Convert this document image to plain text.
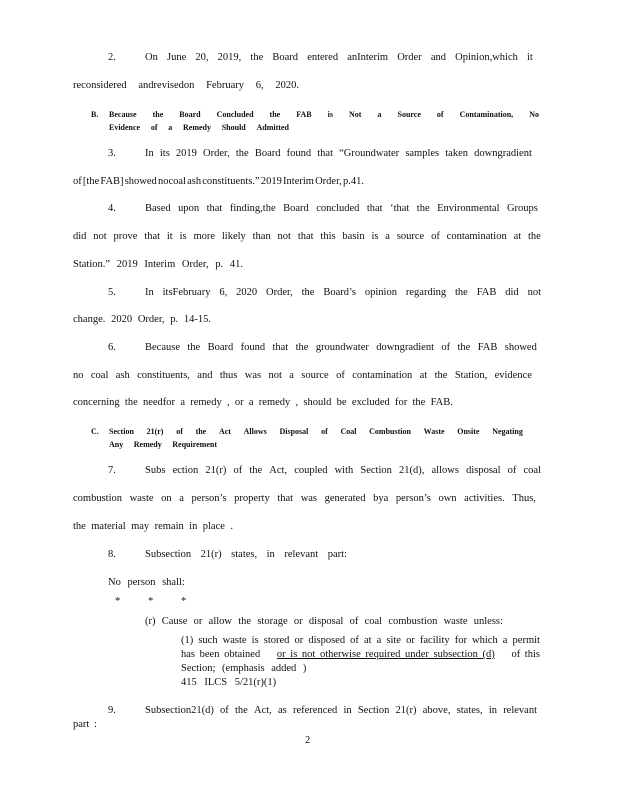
2.	On June 20, 2019, the Board entered anInterim Order and Opinion,which it
reconsidered andrevisedon February 6, 2020.
B. Because the Board Concluded the FAB is Not a Source of Contamination, No
Evidence of a Remedy Should Admitted
3.	In its 2019 Order, the Board found that “Groundwater samples taken downgradient
of [the FAB] showed nocoal ash constituents.” 2019 Interim Order, p.41.
4.	Based upon that finding,the Board concluded that ‘that the Environmental Groups
did not prove that it is more likely than not that this basin is a source of contamination at the
Station.” 2019 Interim Order, p. 41.
5.	In itsFebruary 6, 2020 Order, the Board’s opinion regarding the FAB did not
change. 2020 Order, p. 14-15.
6.	Because the Board found that the groundwater downgradient of the FAB showed
no coal ash constituents, and thus was not a source of contamination at the Station, evidence
concerning the needfor a remedy , or a remedy , should be excluded for the FAB.
C. Section 21(r) of the Act Allows Disposal of Coal Combustion Waste Onsite Negating
Any Remedy Requirement
7.	Subs ection 21(r) of the Act, coupled with Section 21(d), allows disposal of coal
combustion waste on a person’s property that was generated bya person’s own activities. Thus,
the material may remain in place .
8.	Subsection 21(r) states, in relevant part:
No person shall:
*	*	*
(r) Cause or allow the storage or disposal of coal combustion waste unless:
(1) such waste is stored or disposed of at a site or facility for which a permit
has been obtained or is not otherwise required under subsection (d) of this
Section; (emphasis added )
415 ILCS 5/21(r)(1)
9.	Subsection21(d) of the Act, as referenced in Section 21(r) above, states, in relevant
part :
2
